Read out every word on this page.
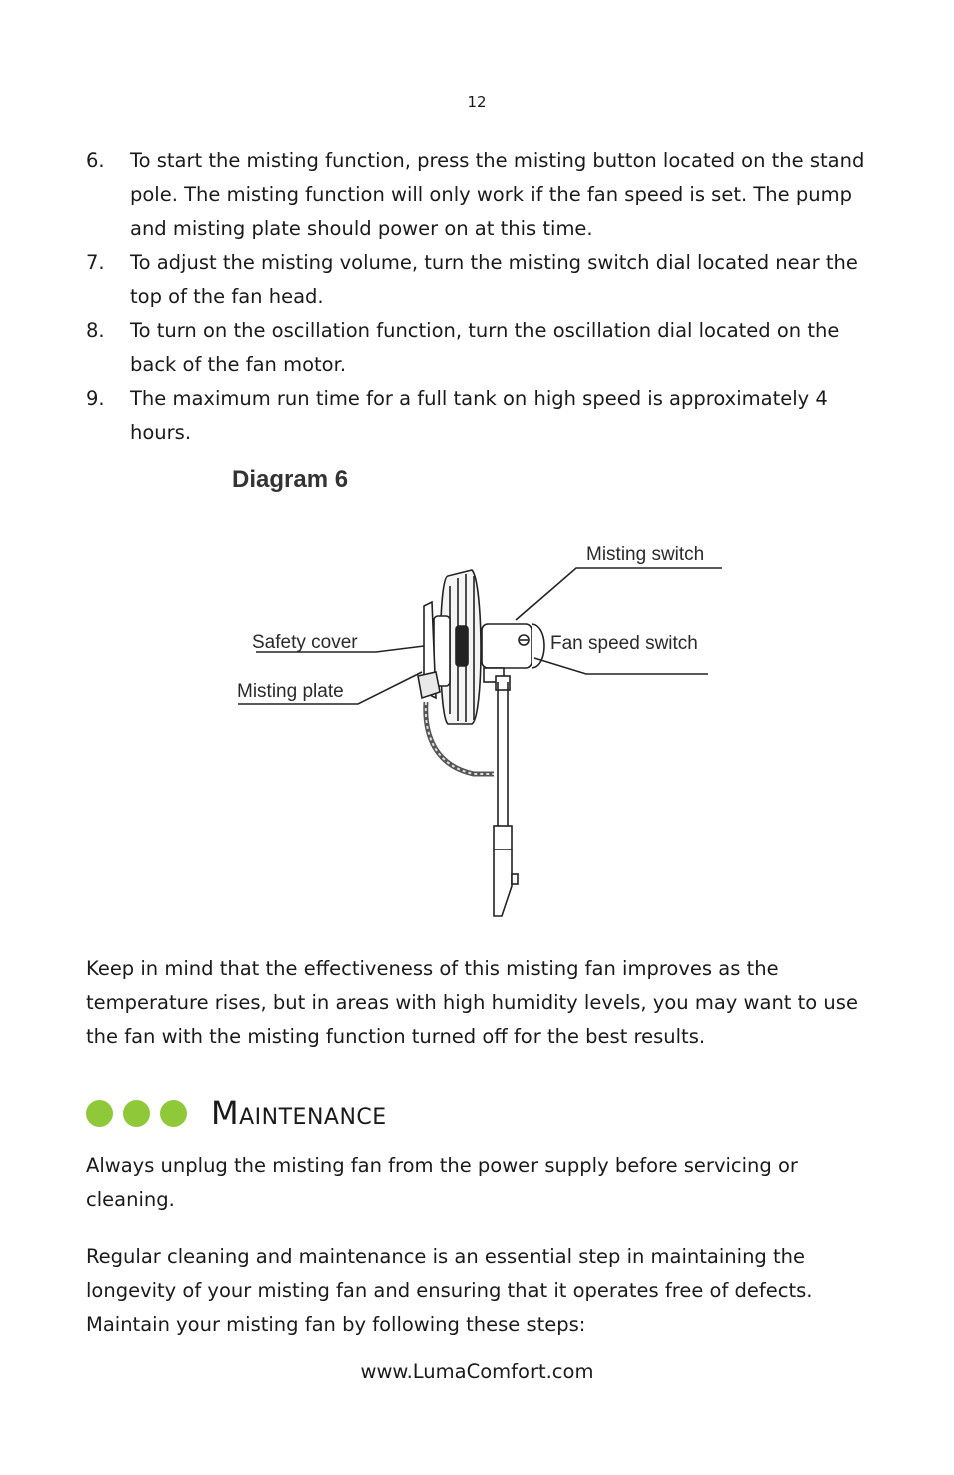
12
6. To start the misting function, press the misting button located on the stand pole. The misting function will only work if the fan speed is set. The pump and misting plate should power on at this time.
7. To adjust the misting volume, turn the misting switch dial located near the top of the fan head.
8. To turn on the oscillation function, turn the oscillation dial located on the back of the fan motor.
9. The maximum run time for a full tank on high speed is approximately 4 hours.
Diagram 6
Misting switch
Safety cover	Fan speed switch
Misting plate

Keep in mind that the effectiveness of this misting fan improves as the temperature rises, but in areas with high humidity levels, you may want to use the fan with the misting function turned off for the best results.

Maintenance

Always unplug the misting fan from the power supply before servicing or cleaning.

Regular cleaning and maintenance is an essential step in maintaining the longevity of your misting fan and ensuring that it operates free of defects. Maintain your misting fan by following these steps:

www.LumaComfort.com
